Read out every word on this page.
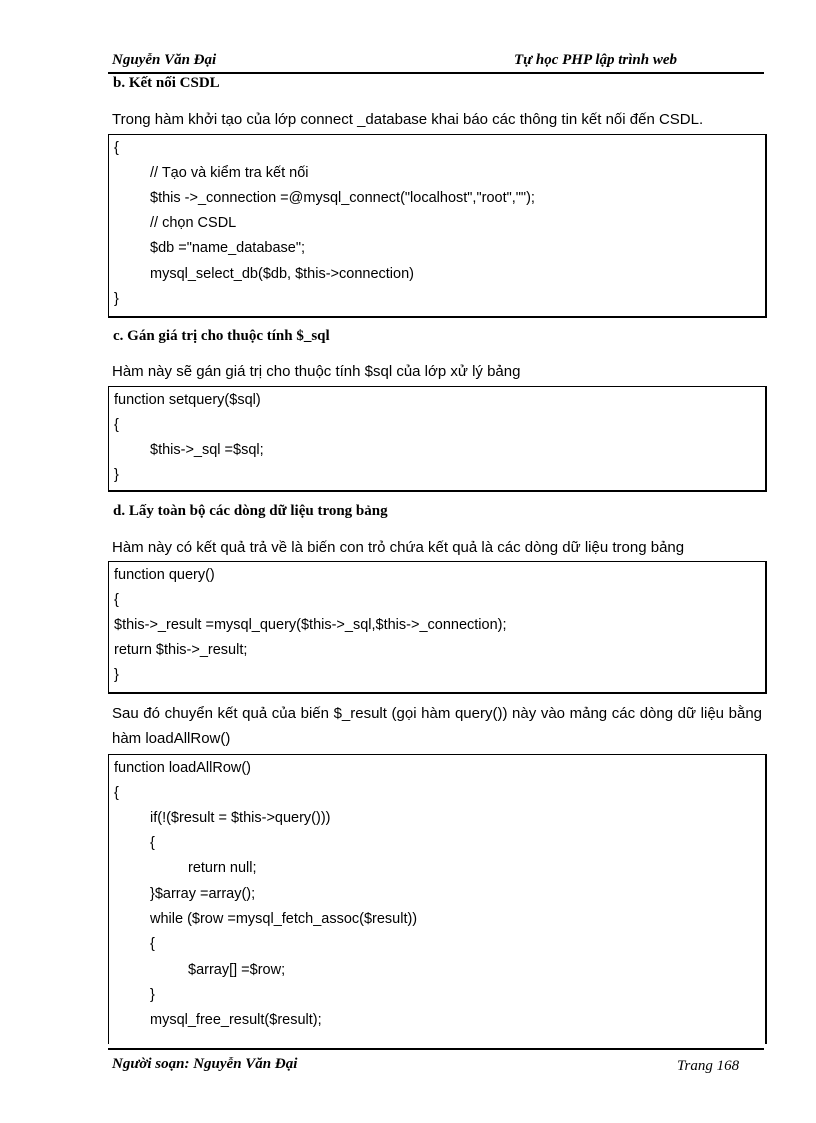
Nguyễn Văn Đại	Tự học PHP lập trình web
b. Kết nối CSDL
Trong hàm khởi tạo của lớp connect _database khai báo các thông tin kết nối đến CSDL.
{
// Tạo và kiểm tra kết nối
$this ->_connection =@mysql_connect("localhost","root","");
// chọn CSDL
$db ="name_database";
mysql_select_db($db, $this->connection)
}
c. Gán giá trị cho thuộc tính $_sql
Hàm này sẽ gán giá trị cho thuộc tính $sql của lớp xử lý bảng
function setquery($sql)
{
$this->_sql =$sql;
}
d. Lấy toàn bộ các dòng dữ liệu trong bảng
Hàm này có kết quả trả về là biến con trỏ chứa kết quả là các dòng dữ liệu trong bảng
function query()
{
$this->_result =mysql_query($this->_sql,$this->_connection);
return $this->_result;
}
Sau đó chuyển kết quả của biến $_result (gọi hàm query()) này vào mảng các dòng dữ liệu bằng hàm loadAllRow()
function loadAllRow()
{
if(!($result = $this->query()))
{
return null;
}$array =array();
while ($row =mysql_fetch_assoc($result))
{
$array[] =$row;
}
mysql_free_result($result);
Người soạn: Nguyễn Văn Đại	Trang 168
